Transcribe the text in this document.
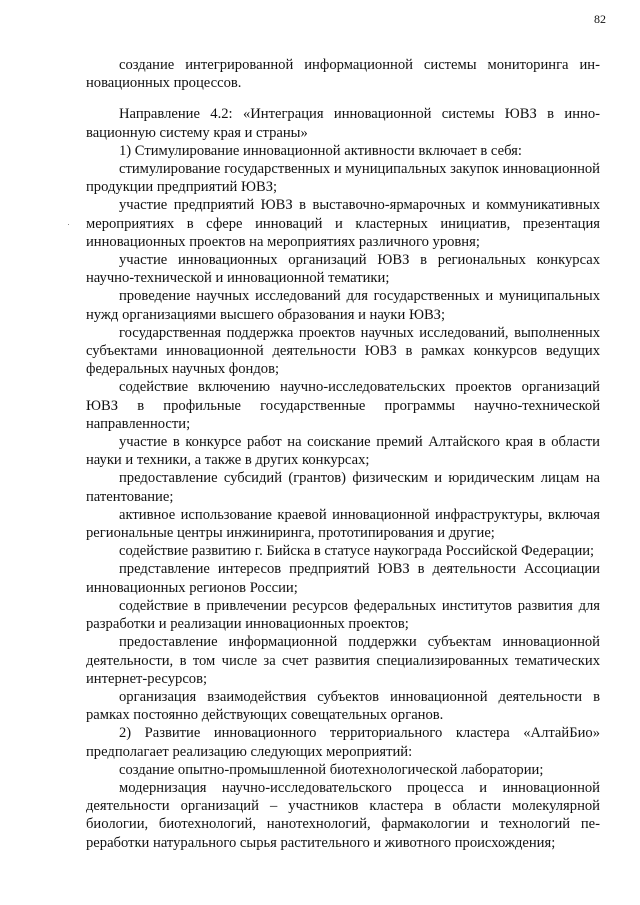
82

создание интегрированной информационной системы мониторинга инновационных процессов.

Направление 4.2: «Интеграция инновационной системы ЮВЗ в инновационную систему края и страны»

1) Стимулирование инновационной активности включает в себя:

стимулирование государственных и муниципальных закупок инновационной продукции предприятий ЮВЗ;

участие предприятий ЮВЗ в выставочно-ярмарочных и коммуникативных мероприятиях в сфере инноваций и кластерных инициатив, презентация инновационных проектов на мероприятиях различного уровня;

участие инновационных организаций ЮВЗ в региональных конкурсах научно-технической и инновационной тематики;

проведение научных исследований для государственных и муниципальных нужд организациями высшего образования и науки ЮВЗ;

государственная поддержка проектов научных исследований, выполненных субъектами инновационной деятельности ЮВЗ в рамках конкурсов ведущих федеральных научных фондов;

содействие включению научно-исследовательских проектов организаций ЮВЗ в профильные государственные программы научно-технической направленности;

участие в конкурсе работ на соискание премий Алтайского края в области науки и техники, а также в других конкурсах;

предоставление субсидий (грантов) физическим и юридическим лицам на патентование;

активное использование краевой инновационной инфраструктуры, включая региональные центры инжиниринга, прототипирования и другие;

содействие развитию г. Бийска в статусе наукограда Российской Федерации;

представление интересов предприятий ЮВЗ в деятельности Ассоциации инновационных регионов России;

содействие в привлечении ресурсов федеральных институтов развития для разработки и реализации инновационных проектов;

предоставление информационной поддержки субъектам инновационной деятельности, в том числе за счет развития специализированных тематических интернет-ресурсов;

организация взаимодействия субъектов инновационной деятельности в рамках постоянно действующих совещательных органов.

2) Развитие инновационного территориального кластера «АлтайБио» предполагает реализацию следующих мероприятий:

создание опытно-промышленной биотехнологической лаборатории;

модернизация научно-исследовательского процесса и инновационной деятельности организаций – участников кластера в области молекулярной биологии, биотехнологий, нанотехнологий, фармакологии и технологий переработки натурального сырья растительного и животного происхождения;
